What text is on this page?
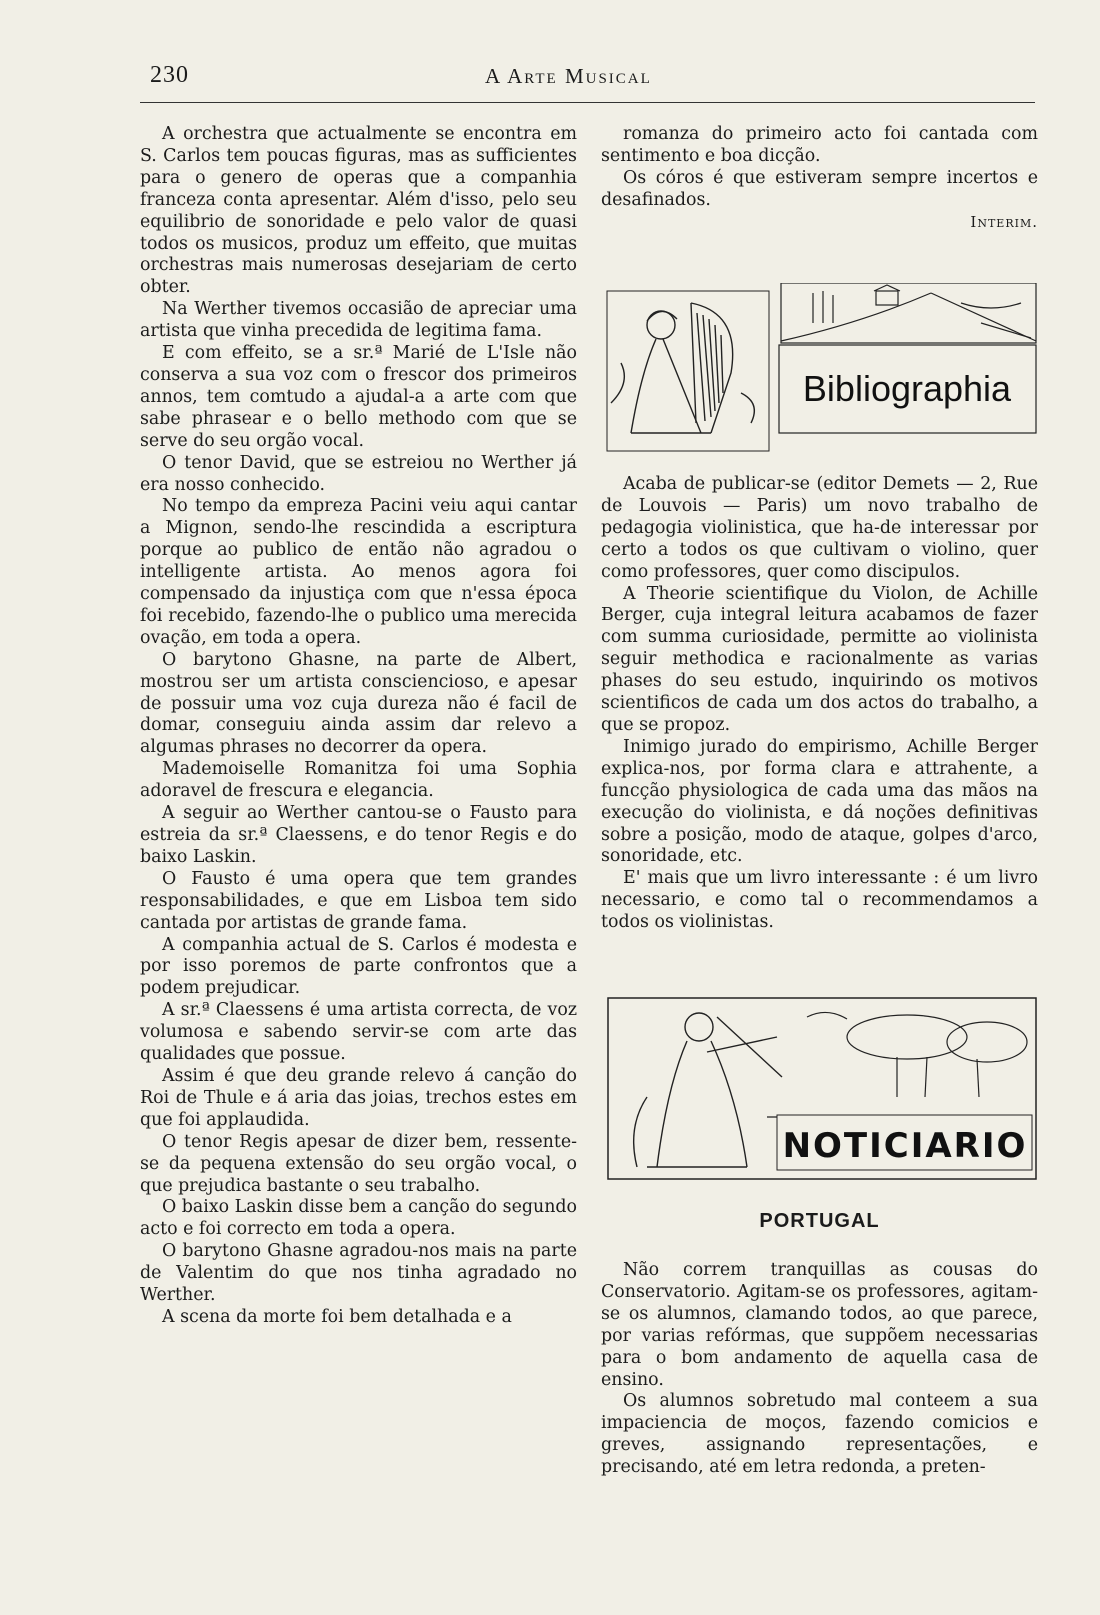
230	A Arte Musical

A orchestra que actualmente se encontra em S. Carlos tem poucas figuras, mas as sufficientes para o genero de operas que a companhia franceza conta apresentar. Além d'isso, pelo seu equilibrio de sonoridade e pelo valor de quasi todos os musicos, produz um effeito, que muitas orchestras mais numerosas desejariam de certo obter.

Na Werther tivemos occasião de apreciar uma artista que vinha precedida de legitima fama.

E com effeito, se a sr.ª Marié de L'Isle não conserva a sua voz com o frescor dos primeiros annos, tem comtudo a ajudal-a a arte com que sabe phrasear e o bello methodo com que se serve do seu orgão vocal.

O tenor David, que se estreiou no Werther já era nosso conhecido.

No tempo da empreza Pacini veiu aqui cantar a Mignon, sendo-lhe rescindida a escriptura porque ao publico de então não agradou o intelligente artista. Ao menos agora foi compensado da injustiça com que n'essa época foi recebido, fazendo-lhe o publico uma merecida ovação, em toda a opera.

O barytono Ghasne, na parte de Albert, mostrou ser um artista consciencioso, e apesar de possuir uma voz cuja dureza não é facil de domar, conseguiu ainda assim dar relevo a algumas phrases no decorrer da opera.

Mademoiselle Romanitza foi uma Sophia adoravel de frescura e elegancia.

A seguir ao Werther cantou-se o Fausto para estreia da sr.ª Claessens, e do tenor Regis e do baixo Laskin.

O Fausto é uma opera que tem grandes responsabilidades, e que em Lisboa tem sido cantada por artistas de grande fama.

A companhia actual de S. Carlos é modesta e por isso poremos de parte confrontos que a podem prejudicar.

A sr.ª Claessens é uma artista correcta, de voz volumosa e sabendo servir-se com arte das qualidades que possue.

Assim é que deu grande relevo á canção do Roi de Thule e á aria das joias, trechos estes em que foi applaudida.

O tenor Regis apesar de dizer bem, ressente-se da pequena extensão do seu orgão vocal, o que prejudica bastante o seu trabalho.

O baixo Laskin disse bem a canção do segundo acto e foi correcto em toda a opera.

O barytono Ghasne agradou-nos mais na parte de Valentim do que nos tinha agradado no Werther.

A scena da morte foi bem detalhada e a

romanza do primeiro acto foi cantada com sentimento e boa dicção.

Os córos é que estiveram sempre incertos e desafinados.

Interim.

Bibliographia

Acaba de publicar-se (editor Demets — 2, Rue de Louvois — Paris) um novo trabalho de pedagogia violinistica, que ha-de interessar por certo a todos os que cultivam o violino, quer como professores, quer como discipulos.

A Theorie scientifique du Violon, de Achille Berger, cuja integral leitura acabamos de fazer com summa curiosidade, permitte ao violinista seguir methodica e racionalmente as varias phases do seu estudo, inquirindo os motivos scientificos de cada um dos actos do trabalho, a que se propoz.

Inimigo jurado do empirismo, Achille Berger explica-nos, por forma clara e attrahente, a funcção physiologica de cada uma das mãos na execução do violinista, e dá noções definitivas sobre a posição, modo de ataque, golpes d'arco, sonoridade, etc.

E' mais que um livro interessante : é um livro necessario, e como tal o recommendamos a todos os violinistas.

NOTICIARIO
PORTUGAL

Não correm tranquillas as cousas do Conservatorio. Agitam-se os professores, agitam-se os alumnos, clamando todos, ao que parece, por varias refórmas, que suppõem necessarias para o bom andamento de aquella casa de ensino.

Os alumnos sobretudo mal conteem a sua impaciencia de moços, fazendo comicios e greves, assignando representações, e precisando, até em letra redonda, a preten-
